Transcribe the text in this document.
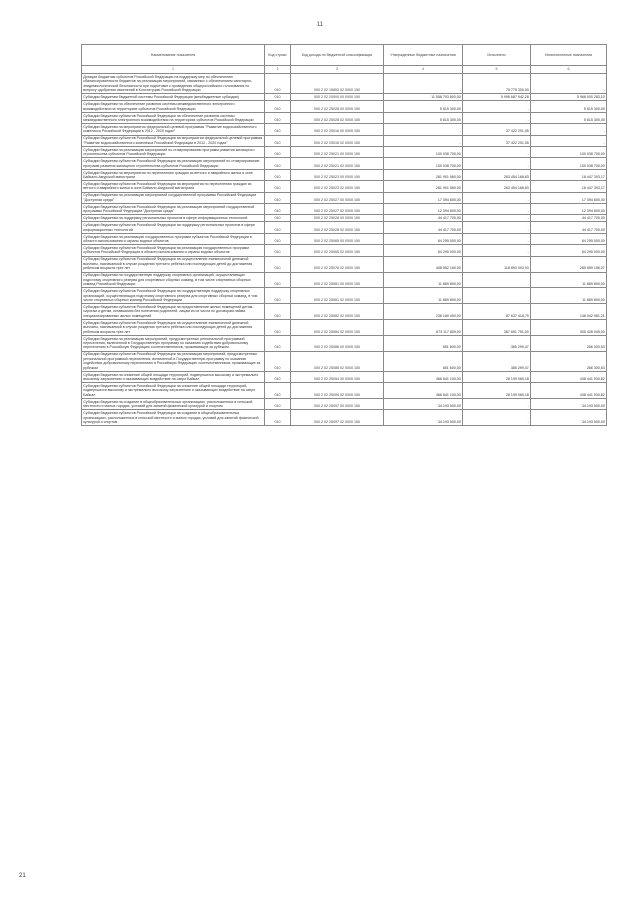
11
Наименование показателя	Код строки	Код дохода по бюджетной классификации	Утвержденные бюджетные назначения	Исполнено	Неисполненные назначения
1	2	3	4	5	6
Дотации бюджетам субъектов Российской Федерации на поддержку мер по обеспечению сбалансированности бюджетов на реализацию мероприятий, связанных с обеспечением санитарно-эпидемиологической безопасности при подготовке к проведению общероссийского голосования по вопросу одобрения изменений в Конституцию Российской Федерации	010	000 2 02 15853 02 0000 150	-	75 775 300,00	-
Субсидии бюджетам бюджетной системы Российской Федерации (межбюджетные субсидии)	010	000 2 02 20000 00 0000 150	11 558 793 800,00	5 996 687 942,28	5 968 000 283,10
Субсидии бюджетам на обеспечение развития системы межведомственного электронного взаимодействия на территориях субъектов Российской Федерации	010	000 2 02 25028 00 0000 150	5 615 300,00	-	5 615 300,00
Субсидии бюджетам субъектов Российской Федерации на обеспечение развития системы межведомственного электронного взаимодействия на территориях субъектов Российской Федерации	010	000 2 02 25028 02 0000 150	5 615 300,00	-	5 615 300,00
Субсидии бюджетам на мероприятия федеральной целевой программы "Развитие водохозяйственного комплекса Российской Федерации в 2012 - 2020 годах"	010	000 2 02 25016 00 0000 150	-	37 422 291,05	-
Субсидии бюджетам субъектов Российской Федерации на мероприятия федеральной целевой программы "Развитие водохозяйственного комплекса Российской Федерации в 2012 - 2020 годах"	010	000 2 02 25016 02 0000 150	-	37 422 291,05	-
Субсидии бюджетам на реализацию мероприятий по стимулированию программ развития жилищного строительства субъектов Российской Федерации	010	000 2 02 25021 00 0000 150	100 038 700,00	-	100 038 700,00
Субсидии бюджетам субъектов Российской Федерации на реализацию мероприятий по стимулированию программ развития жилищного строительства субъектов Российской Федерации	010	000 2 02 25021 02 0000 150	100 038 700,00	-	100 038 700,00
Субсидии бюджетам на мероприятия по переселению граждан из ветхого и аварийного жилья в зоне Байкало-Амурской магистрали	010	000 2 02 25023 00 0000 150	281 901 560,00	263 454 166,83	18 447 393,17
Субсидии бюджетам субъектов Российской Федерации на мероприятия по переселению граждан из ветхого и аварийного жилья в зоне Байкало-Амурской магистрали	010	000 2 02 25023 02 0000 150	281 901 560,00	263 454 166,83	18 447 393,17
Субсидии бюджетам на реализацию мероприятий государственной программы Российской Федерации "Доступная среда"	010	000 2 02 25027 00 0000 150	17 394 600,00	-	17 394 600,00
Субсидии бюджетам субъектов Российской Федерации на реализацию мероприятий государственной программы Российской Федерации "Доступная среда"	010	000 2 02 25027 02 0000 150	12 394 600,00	-	12 394 600,00
Субсидии бюджетам на поддержку региональных проектов в сфере информационных технологий	010	000 2 02 25028 00 0000 150	44 417 700,00	-	44 417 700,00
Субсидии бюджетам субъектов Российской Федерации на поддержку региональных проектов в сфере информационных технологий	010	000 2 02 25028 02 0000 150	44 417 700,00	-	44 417 700,00
Субсидии бюджетам на реализацию государственных программ субъектов Российской Федерации в области использования и охраны водных объектов	010	000 2 02 25065 00 0000 150	64 295 000,00	-	64 295 000,00
Субсидии бюджетам субъектов Российской Федерации на реализацию государственных программ субъектов Российской Федерации в области использования и охраны водных объектов	010	000 2 02 25065 02 0000 150	64 295 000,00	-	64 295 000,00
Субсидии бюджетам субъектов Российской Федерации на осуществление ежемесячной денежной выплаты, назначаемой в случае рождения третьего ребенка или последующих детей до достижения ребенком возраста трех лет	010	000 2 02 25078 02 0000 150	408 552 160,00	118 893 003,93	289 659 156,07
Субсидии бюджетам на государственную поддержку спортивных организаций, осуществляющих подготовку спортивного резерва для спортивных сборных команд, в том числе спортивных сборных команд Российской Федерации	010	000 2 02 25081 00 0000 150	11 669 800,00	-	11 669 800,00
Субсидии бюджетам субъектов Российской Федерации на государственную поддержку спортивных организаций, осуществляющих подготовку спортивного резерва для спортивных сборных команд, в том числе спортивных сборных команд Российской Федерации	010	000 2 02 25081 02 0000 150	11 669 800,00	-	11 669 800,00
Субсидии бюджетам субъектов Российской Федерации на предоставление жилых помещений детям-сиротам и детям, оставшимся без попечения родителей, лицам из их числа по договорам найма специализированных жилых помещений	010	000 2 02 25082 02 0000 150	236 180 400,00	87 637 418,79	148 542 981,21
Субсидии бюджетам субъектов Российской Федерации на осуществление ежемесячной денежной выплаты, назначаемой в случае рождения третьего ребенка или последующих детей до достижения ребенком возраста трех лет	010	000 2 02 25084 02 0000 150	673 117 800,00	367 691 751,00	305 426 049,00
Субсидии бюджетам на реализацию мероприятий, предусмотренных региональной программой переселения, включенной в Государственную программу по оказанию содействия добровольному переселению в Российскую Федерацию соотечественников, проживающих за рубежом	010	000 2 02 25086 00 0000 150	651 600,00	385 299,47	266 300,53
Субсидии бюджетам субъектов Российской Федерации на реализацию мероприятий, предусмотренных региональной программой переселения, включенной в Государственную программу по оказанию содействия добровольному переселению в Российскую Федерацию соотечественников, проживающих за рубежом	010	000 2 02 25086 02 0000 150	651 600,00	385 299,47	266 300,53
Субсидии бюджетам на снижение общей площади территорий, подвергшихся высокому и экстремально высокому загрязнению и оказывающих воздействие на озеро Байкал	010	000 2 02 25094 00 0000 150	466 641 100,00	28 199 069,18	438 441 030,82
Субсидии бюджетам субъектов Российской Федерации на снижение общей площади территорий, подвергшихся высокому и экстремально высокому загрязнению и оказывающих воздействие на озеро Байкал	010	000 2 02 25094 02 0000 150	466 641 100,00	28 199 069,18	438 441 030,82
Субсидии бюджетам на создание в общеобразовательных организациях, расположенных в сельской местности и малых городах, условий для занятий физической культурой и спортом	010	000 2 02 25097 00 0000 150	34 193 500,00	-	34 193 500,00
Субсидии бюджетам субъектов Российской Федерации на создание в общеобразовательных организациях, расположенных в сельской местности и малых городах, условий для занятий физической культурой и спортом	010	000 2 02 25097 02 0000 150	34 193 500,00	-	34 193 500,00
21
